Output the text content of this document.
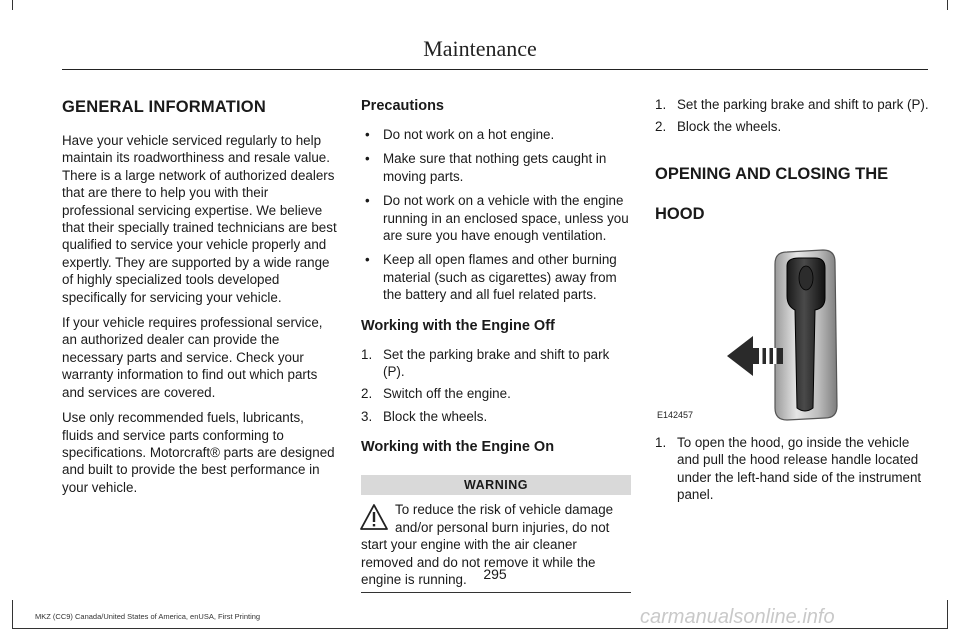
Maintenance
GENERAL INFORMATION

Have your vehicle serviced regularly to help maintain its roadworthiness and resale value. There is a large network of authorized dealers that are there to help you with their professional servicing expertise. We believe that their specially trained technicians are best qualified to service your vehicle properly and expertly. They are supported by a wide range of highly specialized tools developed specifically for servicing your vehicle.

If your vehicle requires professional service, an authorized dealer can provide the necessary parts and service. Check your warranty information to find out which parts and services are covered.

Use only recommended fuels, lubricants, fluids and service parts conforming to specifications. Motorcraft® parts are designed and built to provide the best performance in your vehicle.

Precautions
• Do not work on a hot engine.
• Make sure that nothing gets caught in moving parts.
• Do not work on a vehicle with the engine running in an enclosed space, unless you are sure you have enough ventilation.
• Keep all open flames and other burning material (such as cigarettes) away from the battery and all fuel related parts.
Working with the Engine Off
1. Set the parking brake and shift to park (P).
2. Switch off the engine.
3. Block the wheels.
Working with the Engine On
WARNING
To reduce the risk of vehicle damage and/or personal burn injuries, do not start your engine with the air cleaner removed and do not remove it while the engine is running.
1. Set the parking brake and shift to park (P).
2. Block the wheels.
OPENING AND CLOSING THE
HOOD
E142457
1. To open the hood, go inside the vehicle and pull the hood release handle located under the left-hand side of the instrument panel.
295
MKZ (CC9) Canada/United States of America, enUSA, First Printing	carmanualsonline.info
